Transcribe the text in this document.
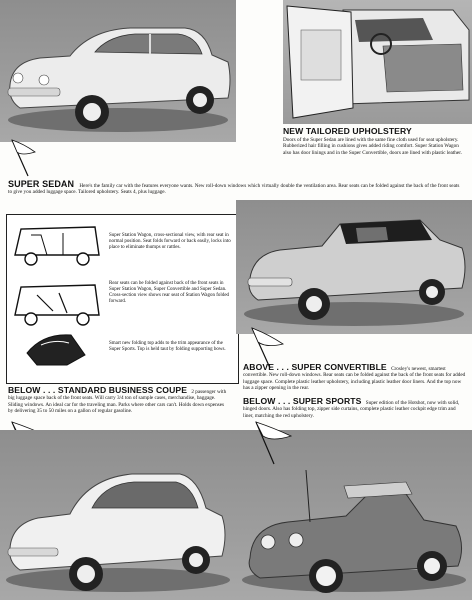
NEW TAILORED UPHOLSTERY
Doors of the Super Sedan are lined with the same fine cloth used for seat upholstery. Rubberized hair filling in cushions gives added riding comfort. Super Station Wagon also has door linings and in the Super Convertible, doors are lined with plastic leather.
SUPER SEDAN Here's the family car with the features everyone wants. New roll-down windows which virtually double the ventilation area. Rear seats can be folded against the back of the front seats to give you added luggage space. Tailored upholstery. Seats 4, plus luggage.
Super Station Wagon, cross-sectional view, with rear seat in normal position. Seat folds forward or back easily, locks into place to eliminate thumps or rattles.
Rear seats can be folded against back of the front seats in Super Station Wagon, Super Convertible and Super Sedan. Cross-section view shows rear seat of Station Wagon folded forward.
Smart new folding top adds to the trim appearance of the Super Sports. Top is held taut by folding supporting bows.
ABOVE . . . SUPER CONVERTIBLE Crosley's newest, smartest convertible. New roll-down windows. Rear seats can be folded against the back of the front seats for added luggage space. Complete plastic leather upholstery, including plastic leather door liners. And the top now has a zipper opening in the rear.
BELOW . . . SUPER SPORTS Super edition of the Hotshot, now with solid, hinged doors. Also has folding top, zipper side curtains, complete plastic leather cockpit edge trim and liner, matching the red upholstery.
BELOW . . . STANDARD BUSINESS COUPE 2 passenger with big luggage space back of the front seats. Will carry 3/4 ton of sample cases, merchandise, baggage. Sliding windows. An ideal car for the traveling man. Parks where other cars can't. Holds down expenses by delivering 35 to 50 miles on a gallon of regular gasoline.
